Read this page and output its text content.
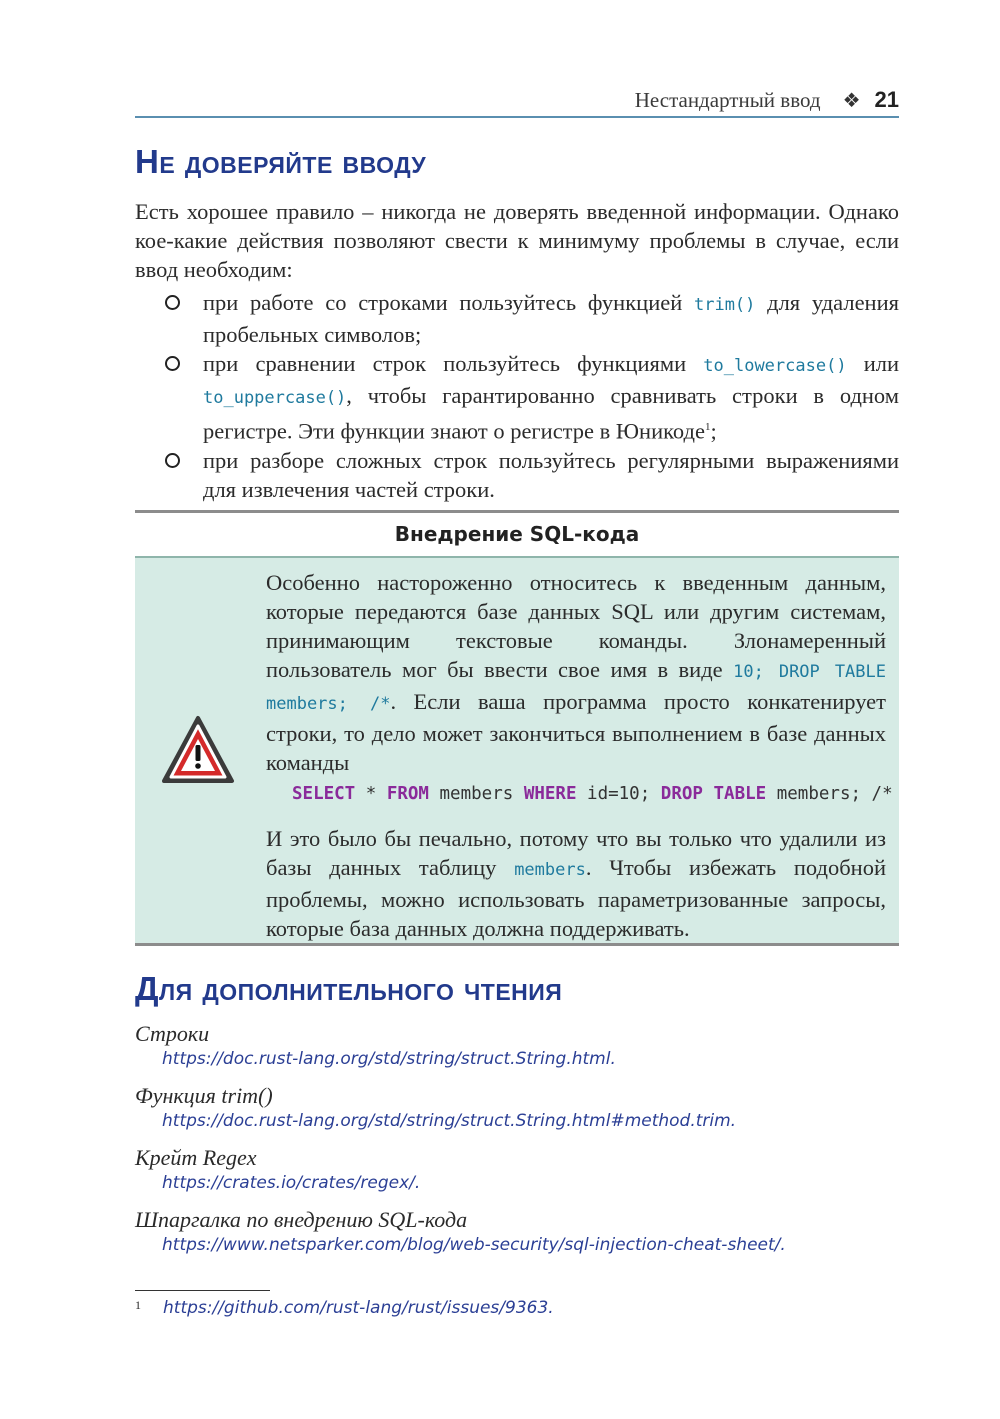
Нестандартный ввод ❖ 21
Не доверяйте вводу

Есть хорошее правило – никогда не доверять введенной информации. Однако кое-какие действия позволяют свести к минимуму проблемы в случае, если ввод необходим:

при работе со строками пользуйтесь функцией trim() для удаления пробельных символов;
при сравнении строк пользуйтесь функциями to_lowercase() или to_uppercase(), чтобы гарантированно сравнивать строки в одном регистре. Эти функции знают о регистре в Юникоде$^1$;
при разборе сложных строк пользуйтесь регулярными выражениями для извлечения частей строки.
Внедрение SQL-кода

Особенно настороженно относитесь к введенным данным, которые передаются базе данных SQL или другим системам, принимающим текстовые команды. Злонамеренный пользователь мог бы ввести свое имя в виде 10; DROP TABLE members; /*. Если ваша программа просто конкатенирует строки, то дело может закончиться выполнением в базе данных команды

SELECT * FROM members WHERE id=10; DROP TABLE members; /*

И это было бы печально, потому что вы только что удалили из базы данных таблицу members. Чтобы избежать подобной проблемы, можно использовать параметризованные запросы, которые база данных должна поддерживать.

Для дополнительного чтения
Строки
https://doc.rust-lang.org/std/string/struct.String.html.
Функция trim()
https://doc.rust-lang.org/std/string/struct.String.html#method.trim.
Крейт Regex
https://crates.io/crates/regex/.
Шпаргалка по внедрению SQL-кода
https://www.netsparker.com/blog/web-security/sql-injection-cheat-sheet/.
$^1$ https://github.com/rust-lang/rust/issues/9363.
